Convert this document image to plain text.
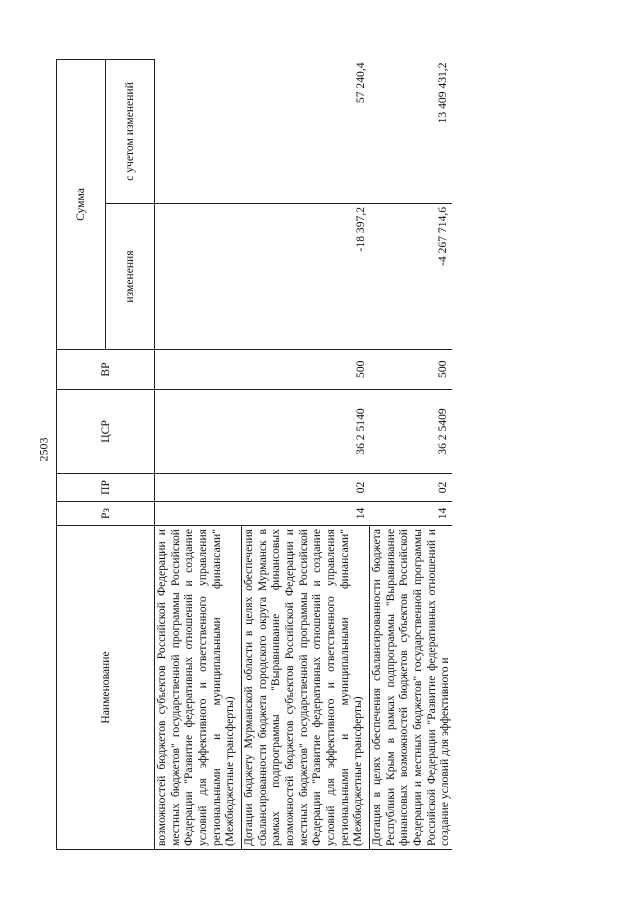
2503
Наименование	Рз	ПР	ЦСР	ВР		Сумма	
					изменения	с учетом изменений
возможностей бюджетов субъектов Российской Федерации и местных бюджетов" государственной программы Российской Федерации "Развитие федеративных отношений и создание условий для эффективного и ответственного управления региональными и муниципальными финансами" (Межбюджетные трансферты)							
Дотации бюджету Мурманской области в целях обеспечения сбалансированности бюджета городского округа Мурманск в рамках подпрограммы "Выравнивание финансовых возможностей бюджетов субъектов Российской Федерации и местных бюджетов" государственной программы Российской Федерации "Развитие федеративных отношений и создание условий для эффективного и ответственного управления региональными и муниципальными финансами" (Межбюджетные трансферты)	14	02	36 2 5140	500		-18 397,2	57 240,4
Дотация в целях обеспечения сбалансированности бюджета Республики Крым в рамках подпрограммы "Выравнивание финансовых возможностей бюджетов субъектов Российской Федерации и местных бюджетов" государственной программы Российской Федерации "Развитие федеративных отношений и создание условий для эффективного и	14	02	36 2 5409	500		-4 267 714,6	13 409 431,2
